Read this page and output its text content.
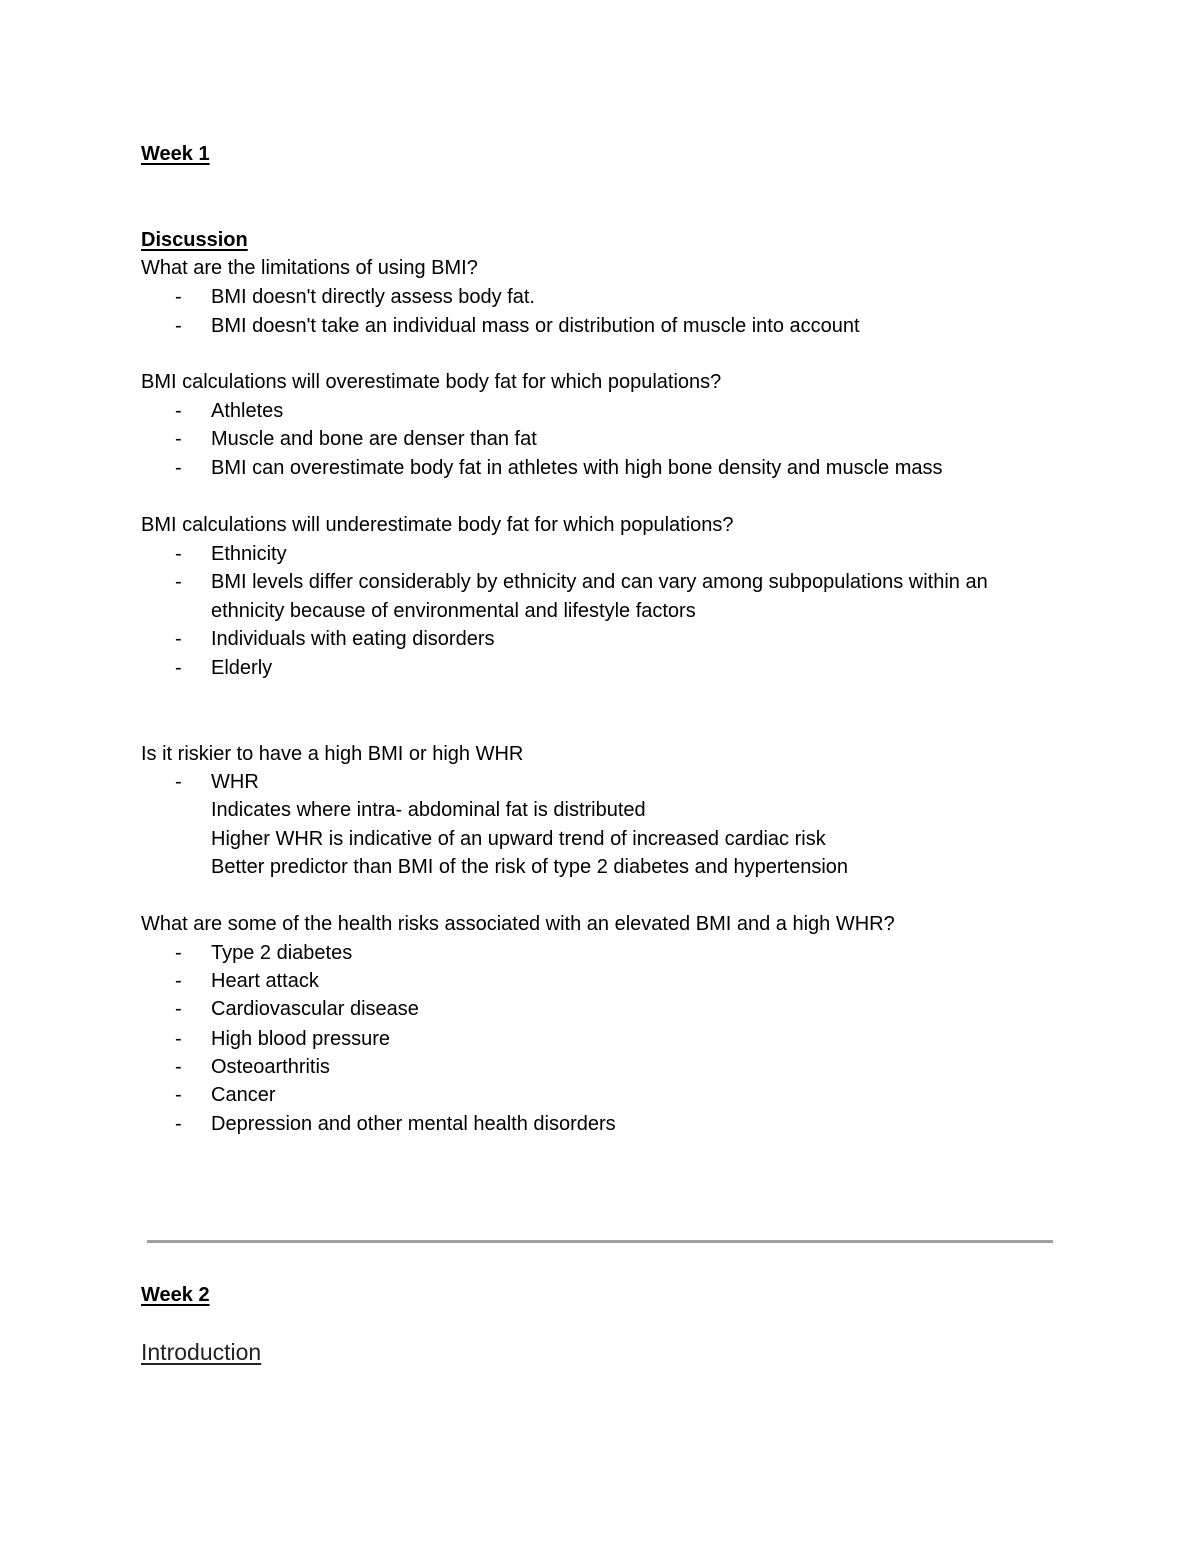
Week 1
Discussion
What are the limitations of using BMI?
- BMI doesn't directly assess body fat.
- BMI doesn't take an individual mass or distribution of muscle into account
BMI calculations will overestimate body fat for which populations?
- Athletes
- Muscle and bone are denser than fat
- BMI can overestimate body fat in athletes with high bone density and muscle mass
BMI calculations will underestimate body fat for which populations?
- Ethnicity
- BMI levels differ considerably by ethnicity and can vary among subpopulations within an
ethnicity because of environmental and lifestyle factors
- Individuals with eating disorders
- Elderly
Is it riskier to have a high BMI or high WHR
- WHR
Indicates where intra- abdominal fat is distributed
Higher WHR is indicative of an upward trend of increased cardiac risk
Better predictor than BMI of the risk of type 2 diabetes and hypertension
What are some of the health risks associated with an elevated BMI and a high WHR?
- Type 2 diabetes
- Heart attack
- Cardiovascular disease
- High blood pressure
- Osteoarthritis
- Cancer
- Depression and other mental health disorders
Week 2
Introduction
